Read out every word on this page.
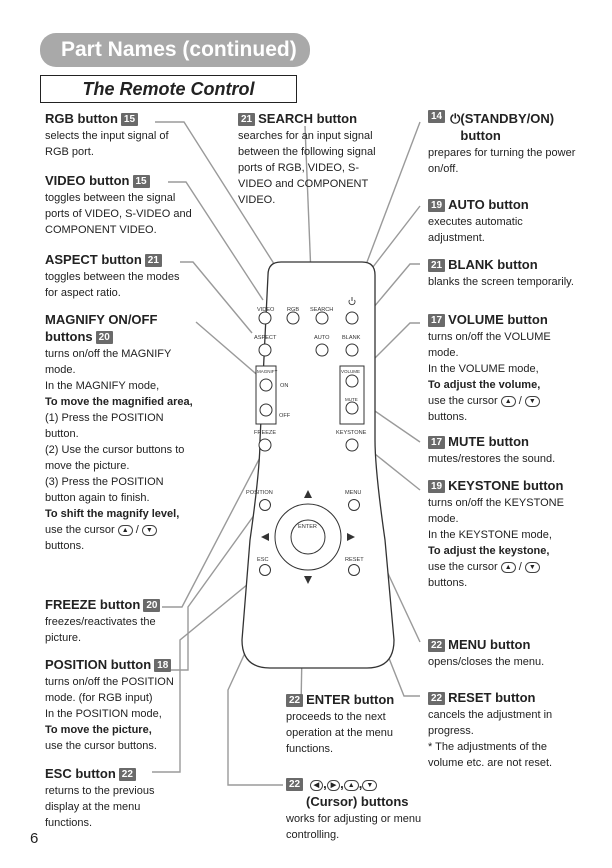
Part Names (continued)
The Remote Control
VIDEO RGB SEARCH
ASPECT	AUTO BLANK
MAGNIFY
ON
OFF
VOLUME
MUTE
FREEZE	KEYSTONE
POSITION	MENU
ENTER
ESC	RESET
RGB button 15
selects the input signal of RGB port.
VIDEO button 15
toggles between the signal ports of VIDEO, S-VIDEO and COMPONENT VIDEO.
ASPECT button 21
toggles between the modes for aspect ratio.
MAGNIFY ON/OFF buttons 20
turns on/off the MAGNIFY mode.
In the MAGNIFY mode,
To move the magnified area,
(1) Press the POSITION button.
(2) Use the cursor buttons to move the picture.
(3) Press the POSITION button again to finish.
To shift the magnify level,
use the cursor ▲ / ▼
buttons.
FREEZE button 20
freezes/reactivates the picture.
POSITION button 18
turns on/off the POSITION mode. (for RGB input)
In the POSITION mode,
To move the picture,
use the cursor buttons.
ESC button 22
returns to the previous display at the menu functions.
21 SEARCH button
searches for an input signal between the following signal ports of RGB, VIDEO, S-VIDEO and COMPONENT VIDEO.
22 ENTER button
proceeds to the next operation at the menu functions.
22 ◀ , ▶ , ▲ , ▼
(Cursor) buttons
works for adjusting or menu controlling.
14 ⏻ (STANDBY/ON) button
prepares for turning the power on/off.
19 AUTO button
executes automatic adjustment.
21 BLANK button
blanks the screen temporarily.
17 VOLUME button
turns on/off the VOLUME mode.
In the VOLUME mode,
To adjust the volume,
use the cursor ▲ / ▼
buttons.
17 MUTE button
mutes/restores the sound.
19 KEYSTONE button
turns on/off the KEYSTONE mode.
In the KEYSTONE mode,
To adjust the keystone,
use the cursor ▲ / ▼
buttons.
22 MENU button
opens/closes the menu.
22 RESET button
cancels the adjustment in progress.
* The adjustments of the volume etc. are not reset.
6
